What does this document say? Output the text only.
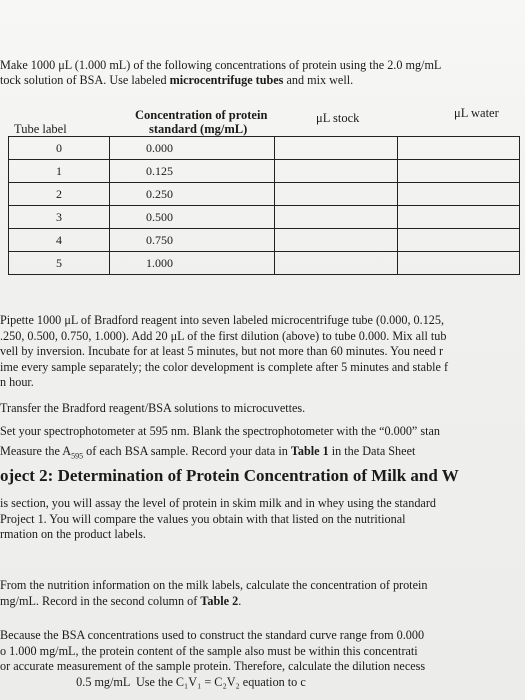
Make 1000 μL (1.000 mL) of the following concentrations of protein using the 2.0 mg/mL
tock solution of BSA. Use labeled microcentrifuge tubes and mix well.
Tube label
Concentration of protein
standard (mg/mL)
μL stock	μL water
0	0.000		
1	0.125		
2	0.250		
3	0.500		
4	0.750		
5	1.000		
Pipette 1000 μL of Bradford reagent into seven labeled microcentrifuge tube (0.000, 0.125,
.250, 0.500, 0.750, 1.000). Add 20 μL of the first dilution (above) to tube 0.000. Mix all tub
vell by inversion. Incubate for at least 5 minutes, but not more than 60 minutes. You need r
ime every sample separately; the color development is complete after 5 minutes and stable f
n hour.
Transfer the Bradford reagent/BSA solutions to microcuvettes.
Set your spectrophotometer at 595 nm. Blank the spectrophotometer with the “0.000” stan
Measure the $A_{595}$ of each BSA sample. Record your data in Table 1 in the Data Sheet
oject 2: Determination of Protein Concentration of Milk and W
is section, you will assay the level of protein in skim milk and in whey using the standard
Project 1. You will compare the values you obtain with that listed on the nutritional
rmation on the product labels.
From the nutrition information on the milk labels, calculate the concentration of protein
mg/mL. Record in the second column of Table 2.
Because the BSA concentrations used to construct the standard curve range from 0.000
o 1.000 mg/mL, the protein content of the sample also must be within this concentrati
or accurate measurement of the sample protein. Therefore, calculate the dilution necess
0.5 mg/mL  Use the C₁V₁ = C₂V₂ equation to c
